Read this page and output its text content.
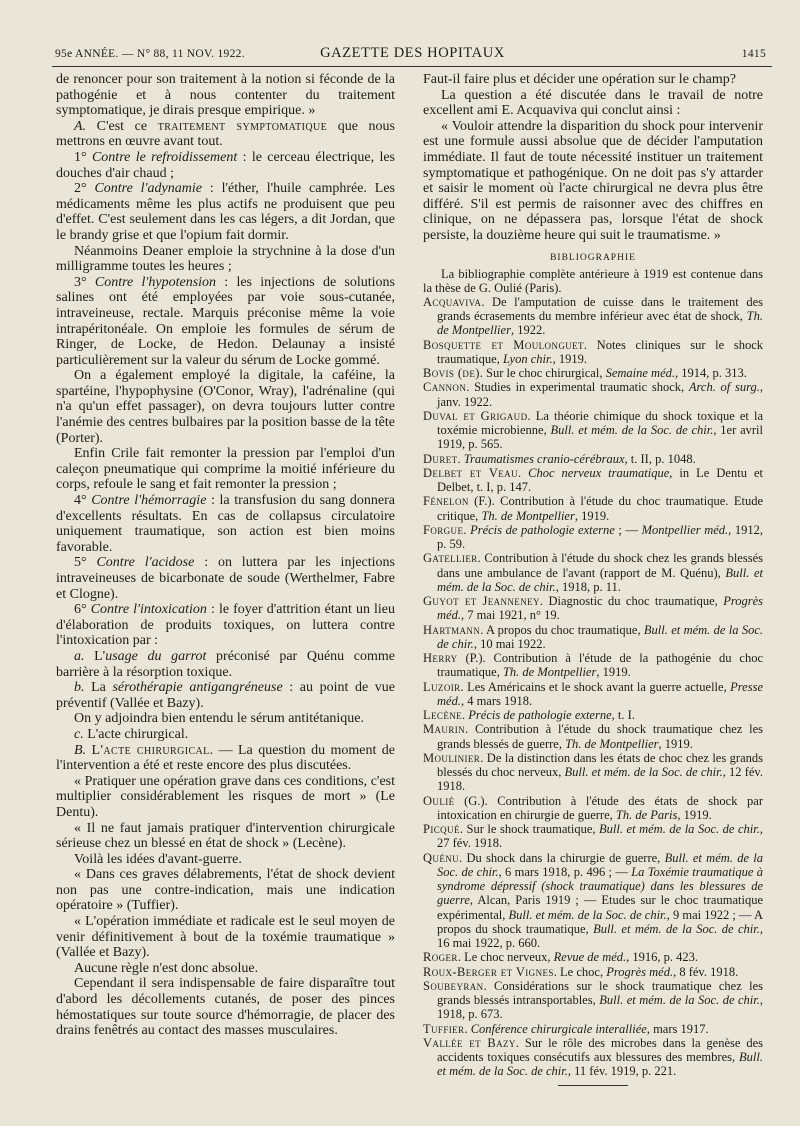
95e ANNÉE. — N° 88, 11 NOV. 1922.	GAZETTE DES HOPITAUX	1415

de renoncer pour son traitement à la notion si féconde de la pathogénie et à nous contenter du traitement symptomatique, je dirais presque empirique. »

A. C'est ce traitement symptomatique que nous mettrons en œuvre avant tout.

1° Contre le refroidissement : le cerceau électrique, les douches d'air chaud ;

2° Contre l'adynamie : l'éther, l'huile camphrée. Les médicaments même les plus actifs ne produisent que peu d'effet. C'est seulement dans les cas légers, a dit Jordan, que le brandy grise et que l'opium fait dormir.

Néanmoins Deaner emploie la strychnine à la dose d'un milligramme toutes les heures ;

3° Contre l'hypotension : les injections de solutions salines ont été employées par voie sous-cutanée, intraveineuse, rectale. Marquis préconise même la voie intrapéritonéale. On emploie les formules de sérum de Ringer, de Locke, de Hedon. Delaunay a insisté particulièrement sur la valeur du sérum de Locke gommé.

On a également employé la digitale, la caféine, la spartéine, l'hypophysine (O'Conor, Wray), l'adrénaline (qui n'a qu'un effet passager), on devra toujours lutter contre l'anémie des centres bulbaires par la position basse de la tête (Porter).

Enfin Crile fait remonter la pression par l'emploi d'un caleçon pneumatique qui comprime la moitié inférieure du corps, refoule le sang et fait remonter la pression ;

4° Contre l'hémorragie : la transfusion du sang donnera d'excellents résultats. En cas de collapsus circulatoire uniquement traumatique, son action est bien moins favorable.

5° Contre l'acidose : on luttera par les injections intraveineuses de bicarbonate de soude (Werthelmer, Fabre et Clogne).

6° Contre l'intoxication : le foyer d'attrition étant un lieu d'élaboration de produits toxiques, on luttera contre l'intoxication par :

a. L'usage du garrot préconisé par Quénu comme barrière à la résorption toxique.

b. La sérothérapie antigangréneuse : au point de vue préventif (Vallée et Bazy).

On y adjoindra bien entendu le sérum antitétanique.

c. L'acte chirurgical.

B. L'acte chirurgical. — La question du moment de l'intervention a été et reste encore des plus discutées.

« Pratiquer une opération grave dans ces conditions, c'est multiplier considérablement les risques de mort » (Le Dentu).

« Il ne faut jamais pratiquer d'intervention chirurgicale sérieuse chez un blessé en état de shock » (Lecène).

Voilà les idées d'avant-guerre.

« Dans ces graves délabrements, l'état de shock devient non pas une contre-indication, mais une indication opératoire » (Tuffier).

« L'opération immédiate et radicale est le seul moyen de venir définitivement à bout de la toxémie traumatique » (Vallée et Bazy).

Aucune règle n'est donc absolue.

Cependant il sera indispensable de faire disparaître tout d'abord les décollements cutanés, de poser des pinces hémostatiques sur toute source d'hémorragie, de placer des drains fenêtrés au contact des masses musculaires.

Faut-il faire plus et décider une opération sur le champ?

La question a été discutée dans le travail de notre excellent ami E. Acquaviva qui conclut ainsi :

« Vouloir attendre la disparition du shock pour intervenir est une formule aussi absolue que de décider l'amputation immédiate. Il faut de toute nécessité instituer un traitement symptomatique et pathogénique. On ne doit pas s'y attarder et saisir le moment où l'acte chirurgical ne devra plus être différé. S'il est permis de raisonner avec des chiffres en clinique, on ne dépassera pas, lorsque l'état de shock persiste, la douzième heure qui suit le traumatisme. »

BIBLIOGRAPHIE

La bibliographie complète antérieure à 1919 est contenue dans la thèse de G. Oulié (Paris).

Acquaviva. De l'amputation de cuisse dans le traitement des grands écrasements du membre inférieur avec état de shock, Th. de Montpellier, 1922.

Bosquette et Moulonguet. Notes cliniques sur le shock traumatique, Lyon chir., 1919.

Bovis (de). Sur le choc chirurgical, Semaine méd., 1914, p. 313.

Cannon. Studies in experimental traumatic shock, Arch. of surg., janv. 1922.

Duval et Grigaud. La théorie chimique du shock toxique et la toxémie microbienne, Bull. et mém. de la Soc. de chir., 1er avril 1919, p. 565.

Duret. Traumatismes cranio-cérébraux, t. II, p. 1048.

Delbet et Veau. Choc nerveux traumatique, in Le Dentu et Delbet, t. I, p. 147.

Fénelon (F.). Contribution à l'étude du choc traumatique. Etude critique, Th. de Montpellier, 1919.

Forgue. Précis de pathologie externe ; — Montpellier méd., 1912, p. 59.

Gatellier. Contribution à l'étude du shock chez les grands blessés dans une ambulance de l'avant (rapport de M. Quénu), Bull. et mém. de la Soc. de chir., 1918, p. 11.

Guyot et Jeanneney. Diagnostic du choc traumatique, Progrès méd., 7 mai 1921, n° 19.

Hartmann. A propos du choc traumatique, Bull. et mém. de la Soc. de chir., 10 mai 1922.

Herry (P.). Contribution à l'étude de la pathogénie du choc traumatique, Th. de Montpellier, 1919.

Luzoir. Les Américains et le shock avant la guerre actuelle, Presse méd., 4 mars 1918.

Lecène. Précis de pathologie externe, t. I.

Maurin. Contribution à l'étude du shock traumatique chez les grands blessés de guerre, Th. de Montpellier, 1919.

Moulinier. De la distinction dans les états de choc chez les grands blessés du choc nerveux, Bull. et mém. de la Soc. de chir., 12 fév. 1918.

Oulié (G.). Contribution à l'étude des états de shock par intoxication en chirurgie de guerre, Th. de Paris, 1919.

Picqué. Sur le shock traumatique, Bull. et mém. de la Soc. de chir., 27 fév. 1918.

Quénu. Du shock dans la chirurgie de guerre, Bull. et mém. de la Soc. de chir., 6 mars 1918, p. 496 ; — La Toxémie traumatique à syndrome dépressif (shock traumatique) dans les blessures de guerre, Alcan, Paris 1919 ; — Etudes sur le choc traumatique expérimental, Bull. et mém. de la Soc. de chir., 9 mai 1922 ; — A propos du shock traumatique, Bull. et mém. de la Soc. de chir., 16 mai 1922, p. 660.

Roger. Le choc nerveux, Revue de méd., 1916, p. 423.

Roux-Berger et Vignes. Le choc, Progrès méd., 8 fév. 1918.

Soubeyran. Considérations sur le shock traumatique chez les grands blessés intransportables, Bull. et mém. de la Soc. de chir., 1918, p. 673.

Tuffier. Conférence chirurgicale interalliée, mars 1917.

Vallée et Bazy. Sur le rôle des microbes dans la genèse des accidents toxiques consécutifs aux blessures des membres, Bull. et mém. de la Soc. de chir., 11 fév. 1919, p. 221.
